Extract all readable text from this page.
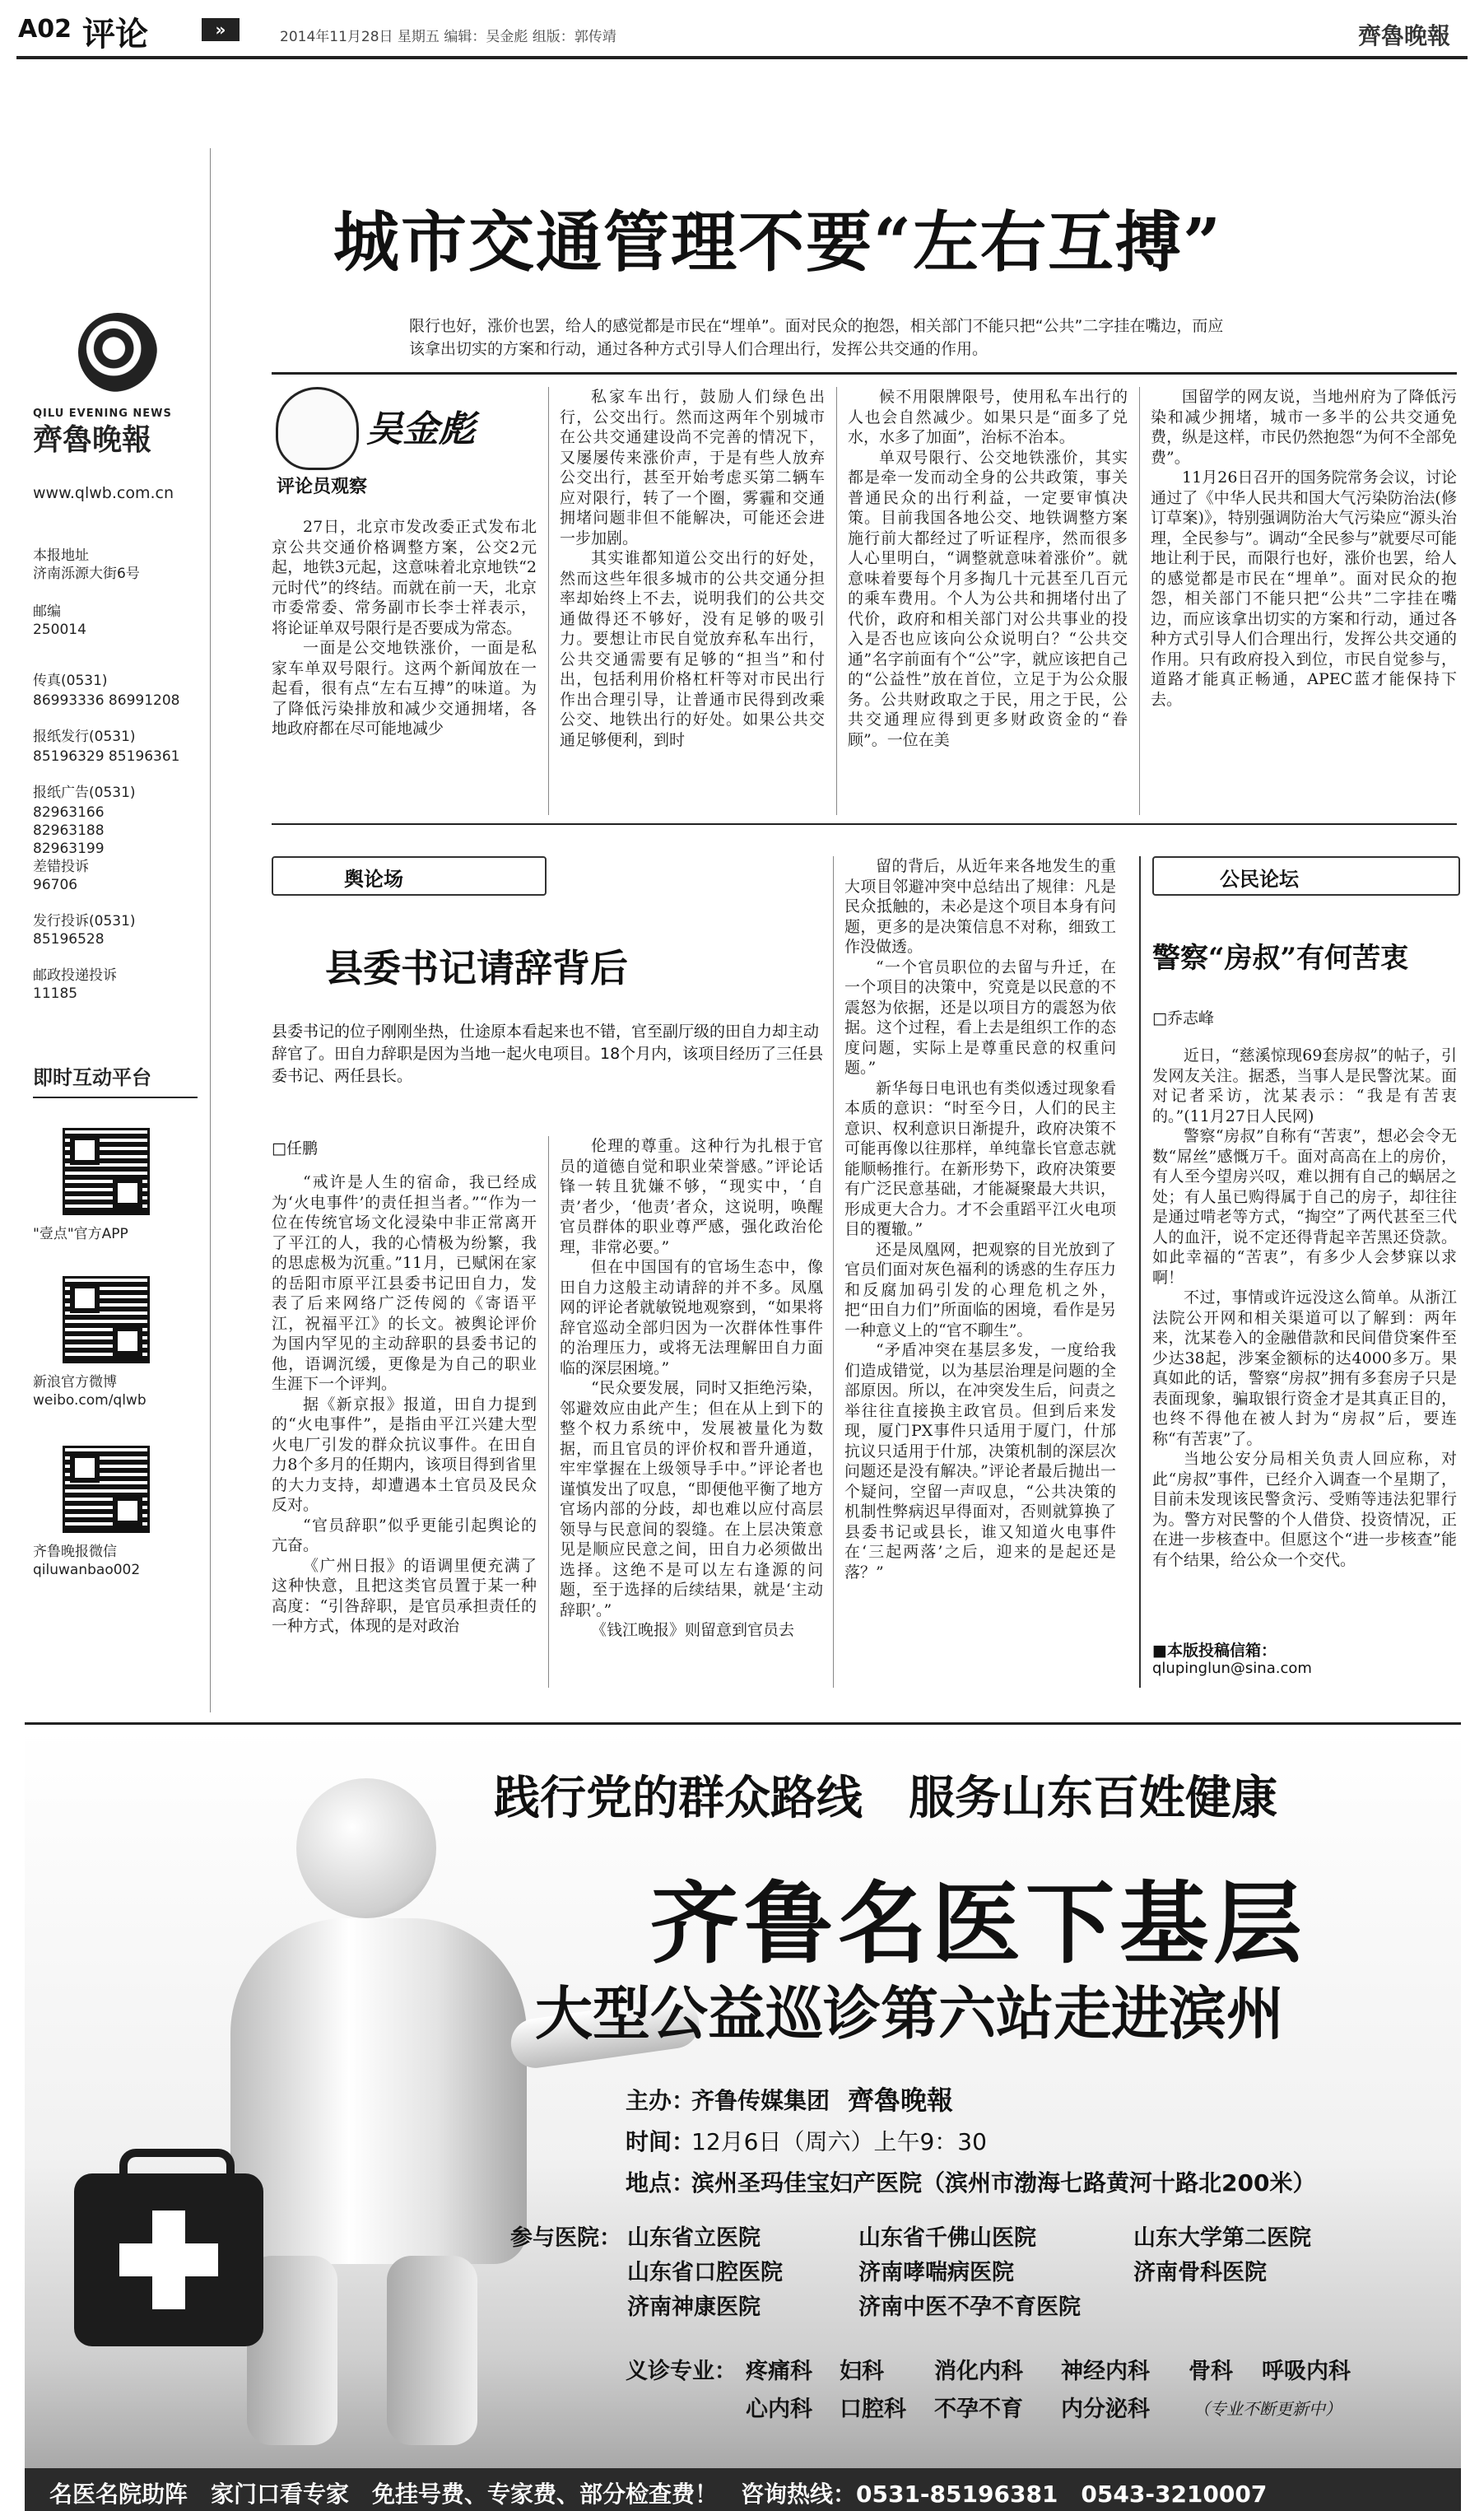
A02 评论	»	2014年11月28日 星期五 编辑：吴金彪 组版：郭传靖	齊魯晚報
QILU EVENING NEWS
齊魯晚報
www.qlwb.com.cn
本报地址
济南泺源大街6号
邮编
250014
传真(0531)
86993336 86991208
报纸发行(0531)
85196329 85196361
报纸广告(0531)
82963166 82963188 82963199
差错投诉
96706
发行投诉(0531)
85196528
邮政投递投诉
11185
即时互动平台
"壹点"官方APP
新浪官方微博
weibo.com/qlwb
齐鲁晚报微信
qiluwanbao002
城市交通管理不要“左右互搏”
限行也好，涨价也罢，给人的感觉都是市民在“埋单”。面对民众的抱怨，相关部门不能只把“公共”二字挂在嘴边，而应该拿出切实的方案和行动，通过各种方式引导人们合理出行，发挥公共交通的作用。
吴金彪
评论员观察

27日，北京市发改委正式发布北京公共交通价格调整方案，公交2元起，地铁3元起，这意味着北京地铁“2元时代”的终结。而就在前一天，北京市委常委、常务副市长李士祥表示，将论证单双号限行是否要成为常态。

一面是公交地铁涨价，一面是私家车单双号限行。这两个新闻放在一起看，很有点“左右互搏”的味道。为了降低污染排放和减少交通拥堵，各地政府都在尽可能地减少

私家车出行，鼓励人们绿色出行，公交出行。然而这两年个别城市在公共交通建设尚不完善的情况下，又屡屡传来涨价声，于是有些人放弃公交出行，甚至开始考虑买第二辆车应对限行，转了一个圈，雾霾和交通拥堵问题非但不能解决，可能还会进一步加剧。

其实谁都知道公交出行的好处，然而这些年很多城市的公共交通分担率却始终上不去，说明我们的公共交通做得还不够好，没有足够的吸引力。要想让市民自觉放弃私车出行，公共交通需要有足够的“担当”和付出，包括利用价格杠杆等对市民出行作出合理引导，让普通市民得到改乘公交、地铁出行的好处。如果公共交通足够便利，到时

候不用限牌限号，使用私车出行的人也会自然减少。如果只是“面多了兑水，水多了加面”，治标不治本。

单双号限行、公交地铁涨价，其实都是牵一发而动全身的公共政策，事关普通民众的出行利益，一定要审慎决策。目前我国各地公交、地铁调整方案施行前大都经过了听证程序，然而很多人心里明白，“调整就意味着涨价”。就意味着要每个月多掏几十元甚至几百元的乘车费用。个人为公共和拥堵付出了代价，政府和相关部门对公共事业的投入是否也应该向公众说明白？“公共交通”名字前面有个“公”字，就应该把自己的“公益性”放在首位，立足于为公众服务。公共财政取之于民，用之于民，公共交通理应得到更多财政资金的“眷顾”。一位在美

国留学的网友说，当地州府为了降低污染和减少拥堵，城市一多半的公共交通免费，纵是这样，市民仍然抱怨“为何不全部免费”。

11月26日召开的国务院常务会议，讨论通过了《中华人民共和国大气污染防治法(修订草案)》，特别强调防治大气污染应“源头治理，全民参与”。调动“全民参与”就要尽可能地让利于民，而限行也好，涨价也罢，给人的感觉都是市民在“埋单”。面对民众的抱怨，相关部门不能只把“公共”二字挂在嘴边，而应该拿出切实的方案和行动，通过各种方式引导人们合理出行，发挥公共交通的作用。只有政府投入到位，市民自觉参与，道路才能真正畅通，APEC蓝才能保持下去。

舆论场
县委书记请辞背后
县委书记的位子刚刚坐热，仕途原本看起来也不错，官至副厅级的田自力却主动辞官了。田自力辞职是因为当地一起火电项目。18个月内，该项目经历了三任县委书记、两任县长。
□任鹏

“戒许是人生的宿命，我已经成为‘火电事件’的责任担当者。”“作为一位在传统官场文化浸染中非正常离开了平江的人，我的心情极为纷繁，我的思虑极为沉重。”11月，已赋闲在家的岳阳市原平江县委书记田自力，发表了后来网络广泛传阅的《寄语平江，祝福平江》的长文。被舆论评价为国内罕见的主动辞职的县委书记的他，语调沉缓，更像是为自己的职业生涯下一个评判。

据《新京报》报道，田自力提到的“火电事件”，是指由平江兴建大型火电厂引发的群众抗议事件。在田自力8个多月的任期内，该项目得到省里的大力支持，却遭遇本土官员及民众反对。

“官员辞职”似乎更能引起舆论的亢奋。

《广州日报》的语调里便充满了这种快意，且把这类官员置于某一种高度：“引咎辞职，是官员承担责任的一种方式，体现的是对政治

伦理的尊重。这种行为扎根于官员的道德自觉和职业荣誉感。”评论话锋一转且犹嫌不够，“现实中，‘自责’者少，‘他责’者众，这说明，唤醒官员群体的职业尊严感，强化政治伦理，非常必要。”

但在中国国有的官场生态中，像田自力这般主动请辞的并不多。凤凰网的评论者就敏锐地观察到，“如果将辞官巡动全部归因为一次群体性事件的治理压力，或将无法理解田自力面临的深层困境。”

“民众要发展，同时又拒绝污染，邻避效应由此产生；但在从上到下的整个权力系统中，发展被量化为数据，而且官员的评价权和晋升通道，牢牢掌握在上级领导手中。”评论者也谨慎发出了叹息，“即便他平衡了地方官场内部的分歧，却也难以应付高层领导与民意间的裂缝。在上层决策意见是顺应民意之间，田自力必须做出选择。这绝不是可以左右逢源的问题，至于选择的后续结果，就是‘主动辞职’。”

《钱江晚报》则留意到官员去

留的背后，从近年来各地发生的重大项目邻避冲突中总结出了规律：凡是民众抵触的，未必是这个项目本身有问题，更多的是决策信息不对称，细致工作没做透。

“一个官员职位的去留与升迁，在一个项目的决策中，究竟是以民意的不震怒为依据，还是以项目方的震怒为依据。这个过程，看上去是组织工作的态度问题，实际上是尊重民意的权重问题。”

新华每日电讯也有类似透过现象看本质的意识：“时至今日，人们的民主意识、权利意识日渐提升，政府决策不可能再像以往那样，单纯靠长官意志就能顺畅推行。在新形势下，政府决策要有广泛民意基础，才能凝聚最大共识，形成更大合力。才不会重蹈平江火电项目的覆辙。”

还是凤凰网，把观察的目光放到了官员们面对灰色福利的诱惑的生存压力和反腐加码引发的心理危机之外，把“田自力们”所面临的困境，看作是另一种意义上的“官不聊生”。

“矛盾冲突在基层多发，一度给我们造成错觉，以为基层治理是问题的全部原因。所以，在冲突发生后，问责之举往往直接换主政官员。但到后来发现，厦门PX事件只适用于厦门，什邡抗议只适用于什邡，决策机制的深层次问题还是没有解决。”评论者最后抛出一个疑问，空留一声叹息，“公共决策的机制性弊病迟早得面对，否则就算换了县委书记或县长，谁又知道火电事件在‘三起两落’之后，迎来的是起还是落？”

公民论坛
警察“房叔”有何苦衷
□乔志峰

近日，“慈溪惊现69套房叔”的帖子，引发网友关注。据悉，当事人是民警沈某。面对记者采访，沈某表示：“我是有苦衷的。”(11月27日人民网)

警察“房叔”自称有“苦衷”，想必会令无数“屌丝”感慨万千。面对高高在上的房价，有人至今望房兴叹，难以拥有自己的蜗居之处；有人虽已购得属于自己的房子，却往往是通过啃老等方式，“掏空”了两代甚至三代人的血汗，说不定还得背起辛苦黑还贷款。如此幸福的“苦衷”，有多少人会梦寐以求啊！

不过，事情或许远没这么简单。从浙江法院公开网和相关渠道可以了解到：两年来，沈某卷入的金融借款和民间借贷案件至少达38起，涉案金额标的达4000多万。果真如此的话，警察“房叔”拥有多套房子只是表面现象，骗取银行资金才是其真正目的，也终不得他在被人封为“房叔”后，要连称“有苦衷”了。

当地公安分局相关负责人回应称，对此“房叔”事件，已经介入调查一个星期了，目前未发现该民警贪污、受贿等违法犯罪行为。警方对民警的个人借贷、投资情况，正在进一步核查中。但愿这个“进一步核查”能有个结果，给公众一个交代。

■本版投稿信箱：
qlupinglun@sina.com
践行党的群众路线　服务山东百姓健康
齐鲁名医下基层
大型公益巡诊第六站走进滨州
主办：
齐鲁传媒集团 齊魯晚報
时间：
12月6日（周六）上午9：30
地点：
滨州圣玛佳宝妇产医院（滨州市渤海七路黄河十路北200米）
参与医院： 山东省立医院	山东省千佛山医院	山东大学第二医院
山东省口腔医院	济南哮喘病医院	济南骨科医院
济南神康医院	济南中医不孕不育医院
义诊专业： 疼痛科 妇科 消化内科 神经内科 骨科 呼吸内科
心内科 口腔科 不孕不育 内分泌科	（专业不断更新中）
名医名院助阵　家门口看专家　免挂号费、专家费、部分检查费！　咨询热线：0531-85196381　0543-3210007
